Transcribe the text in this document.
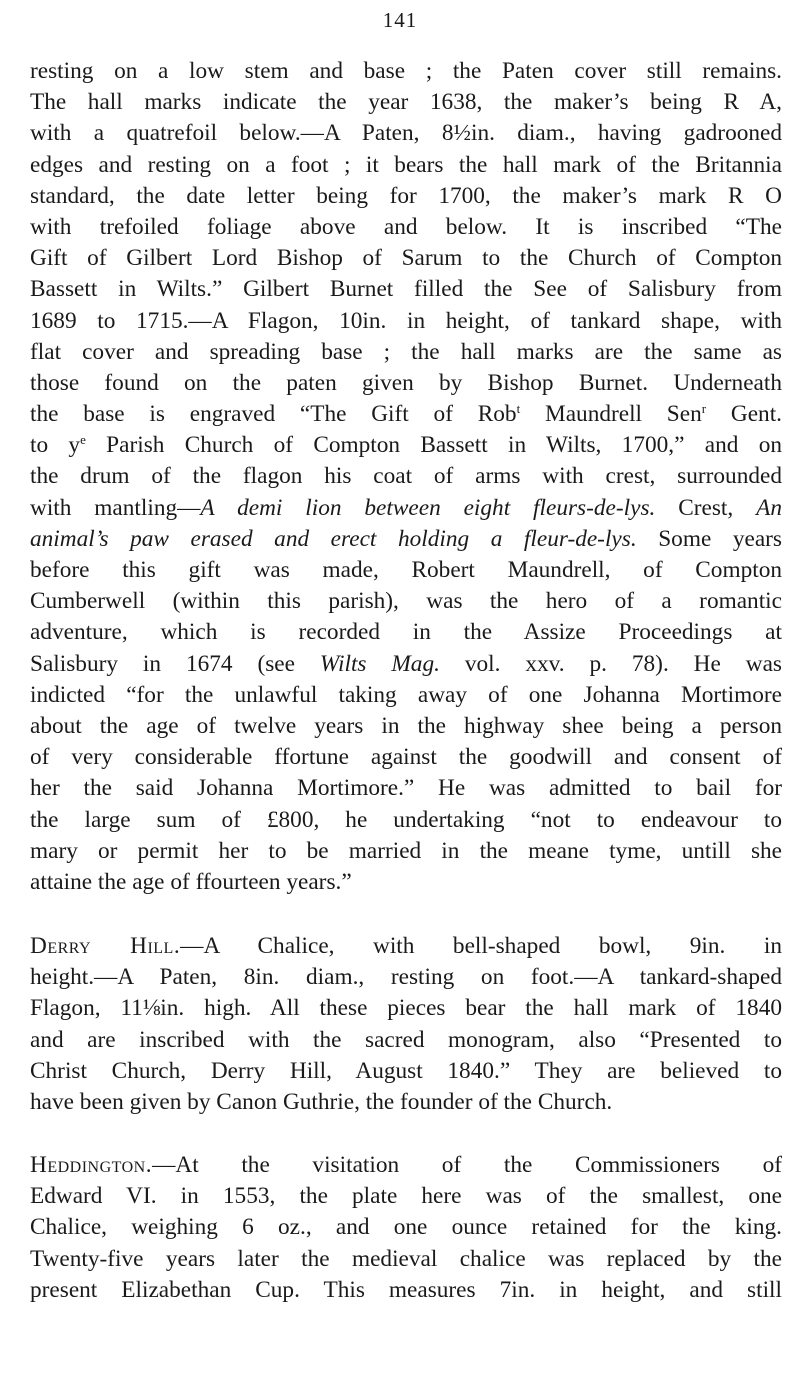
141
resting on a low stem and base ; the Paten cover still remains.
The hall marks indicate the year 1638, the maker’s being R A,
with a quatrefoil below.—A Paten, 8½in. diam., having gadrooned
edges and resting on a foot ; it bears the hall mark of the Britannia
standard, the date letter being for 1700, the maker’s mark R O
with trefoiled foliage above and below. It is inscribed “The
Gift of Gilbert Lord Bishop of Sarum to the Church of Compton
Bassett in Wilts.” Gilbert Burnet filled the See of Salisbury from
1689 to 1715.—A Flagon, 10in. in height, of tankard shape, with
flat cover and spreading base ; the hall marks are the same as
those found on the paten given by Bishop Burnet. Underneath
the base is engraved “The Gift of Rob$^t$ Maundrell Sen$^r$ Gent.
to $y^e$ Parish Church of Compton Bassett in Wilts, 1700,” and on
the drum of the flagon his coat of arms with crest, surrounded
with mantling—A demi lion between eight fleurs-de-lys. Crest, An
animal’s paw erased and erect holding a fleur-de-lys. Some years
before this gift was made, Robert Maundrell, of Compton
Cumberwell (within this parish), was the hero of a romantic
adventure, which is recorded in the Assize Proceedings at
Salisbury in 1674 (see Wilts Mag. vol. xxv. p. 78). He was
indicted “for the unlawful taking away of one Johanna Mortimore
about the age of twelve years in the highway shee being a person
of very considerable ffortune against the goodwill and consent of
her the said Johanna Mortimore.” He was admitted to bail for
the large sum of £800, he undertaking “not to endeavour to
mary or permit her to be married in the meane tyme, untill she
attaine the age of ffourteen years.”
Derry Hill.—A Chalice, with bell-shaped bowl, 9in. in
height.—A Paten, 8in. diam., resting on foot.—A tankard-shaped
Flagon, 11⅛in. high. All these pieces bear the hall mark of 1840
and are inscribed with the sacred monogram, also “Presented to
Christ Church, Derry Hill, August 1840.” They are believed to
have been given by Canon Guthrie, the founder of the Church.
Heddington.—At the visitation of the Commissioners of
Edward VI. in 1553, the plate here was of the smallest, one
Chalice, weighing 6 oz., and one ounce retained for the king.
Twenty-five years later the medieval chalice was replaced by the
present Elizabethan Cup. This measures 7in. in height, and still
